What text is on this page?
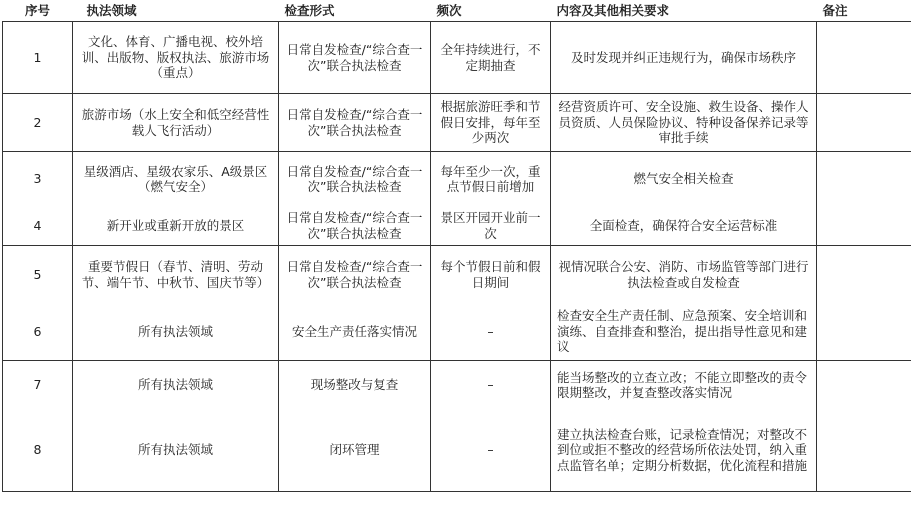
序号	执法领域	检查形式	频次	内容及其他相关要求	备注
1	文化、体育、广播电视、校外培训、出版物、版权执法、旅游市场（重点）	日常自发检查/“综合查一次”联合执法检查	全年持续进行，不定期抽查	及时发现并纠正违规行为，确保市场秩序	
2	旅游市场（水上安全和低空经营性载人飞行活动）	日常自发检查/“综合查一次”联合执法检查	根据旅游旺季和节假日安排，每年至少两次	经营资质许可、安全设施、救生设备、操作人员资质、人员保险协议、特种设备保养记录等审批手续	
3	星级酒店、星级农家乐、A级景区（燃气安全）	日常自发检查/“综合查一次”联合执法检查	每年至少一次，重点节假日前增加	燃气安全相关检查	
4	新开业或重新开放的景区	日常自发检查/“综合查一次”联合执法检查	景区开园开业前一次	全面检查，确保符合安全运营标准	
5	重要节假日（春节、清明、劳动节、端午节、中秋节、国庆节等）	日常自发检查/“综合查一次”联合执法检查	每个节假日前和假日期间	视情况联合公安、消防、市场监管等部门进行执法检查或自发检查	
6	所有执法领域	安全生产责任落实情况	–	检查安全生产责任制、应急预案、安全培训和演练、自查排查和整治，提出指导性意见和建议	
7	所有执法领域	现场整改与复查	–	能当场整改的立查立改；不能立即整改的责令限期整改，并复查整改落实情况	
8	所有执法领域	闭环管理	–	建立执法检查台账，记录检查情况；对整改不到位或拒不整改的经营场所依法处罚，纳入重点监管名单；定期分析数据，优化流程和措施	
